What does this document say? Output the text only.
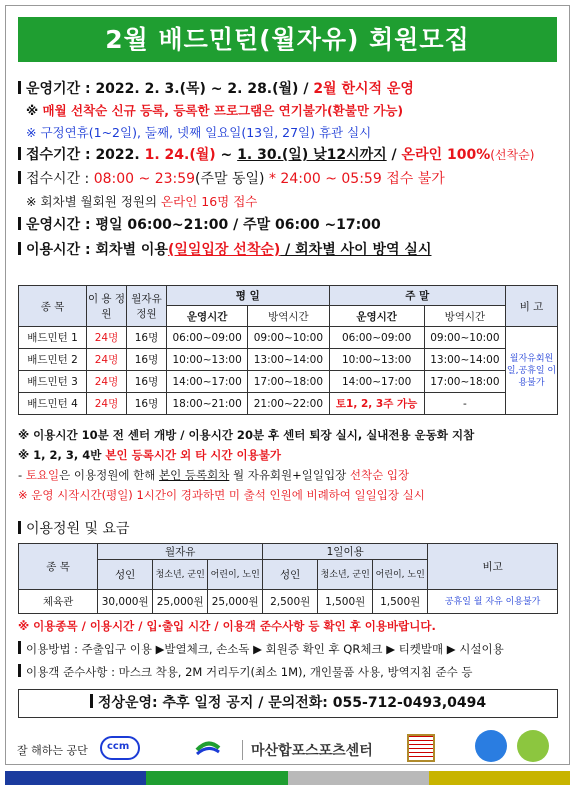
2월 배드민턴(월자유) 회원모집
운영기간 : 2022. 2. 3.(목) ~ 2. 28.(월) / 2월 한시적 운영
※ 매월 선착순 신규 등록, 등록한 프로그램은 연기불가(환불만 가능)
※ 구정연휴(1~2일), 둘째, 넷째 일요일(13일, 27일) 휴관 실시
접수기간 : 2022. 1. 24.(월) ~ 1. 30.(일) 낮12시까지 / 온라인 100%(선착순)
접수시간 : 08:00 ~ 23:59(주말 동일) * 24:00 ~ 05:59 접수 불가
※ 회차별 월회원 정원의 온라인 16명 접수
운영시간 : 평일 06:00~21:00 / 주말 06:00 ~17:00
이용시간 : 회차별 이용(일일입장 선착순) / 회차별 사이 방역 실시
종 목	이 용 정 원	월자유 정원	평 일		주 말		비 고
			운영시간	방역시간	운영시간	방역시간	
배드민턴 1	24명	16명	06:00~09:00	09:00~10:00	06:00~09:00	09:00~10:00	월자유회원 일,공휴일 이용불가
배드민턴 2	24명	16명	10:00~13:00	13:00~14:00	10:00~13:00	13:00~14:00	
배드민턴 3	24명	16명	14:00~17:00	17:00~18:00	14:00~17:00	17:00~18:00	
배드민턴 4	24명	16명	18:00~21:00	21:00~22:00	토1, 2, 3주 가능	-	
※ 이용시간 10분 전 센터 개방 / 이용시간 20분 후 센터 퇴장 실시, 실내전용 운동화 지참
※ 1, 2, 3, 4반 본인 등록시간 외 타 시간 이용불가
- 토요일은 이용정원에 한해 본인 등록회차 월 자유회원+일일입장 선착순 입장
※ 운영 시작시간(평일) 1시간이 경과하면 미 출석 인원에 비례하여 일일입장 실시
이용정원 및 요금
종 목	월자유			1일이용			비고
	성인	청소년, 군인	어린이, 노인	성인	청소년, 군인	어린이, 노인	
체육관	30,000원	25,000원	25,000원	2,500원	1,500원	1,500원	공휴일 월 자유 이용불가
※ 이용종목 / 이용시간 / 입·출입 시간 / 이용객 준수사항 등 확인 후 이용바랍니다.
이용방법 : 주출입구 이용 ▶발열체크, 손소독 ▶ 회원증 확인 후 QR체크 ▶ 티켓발매 ▶ 시설이용
이용객 준수사항 : 마스크 착용, 2M 거리두기(최소 1M), 개인물품 사용, 방역지침 준수 등
정상운영: 추후 일정 공지 / 문의전화: 055-712-0493,0494
잘 해하는 공단 ccm	마산합포스포츠센터
